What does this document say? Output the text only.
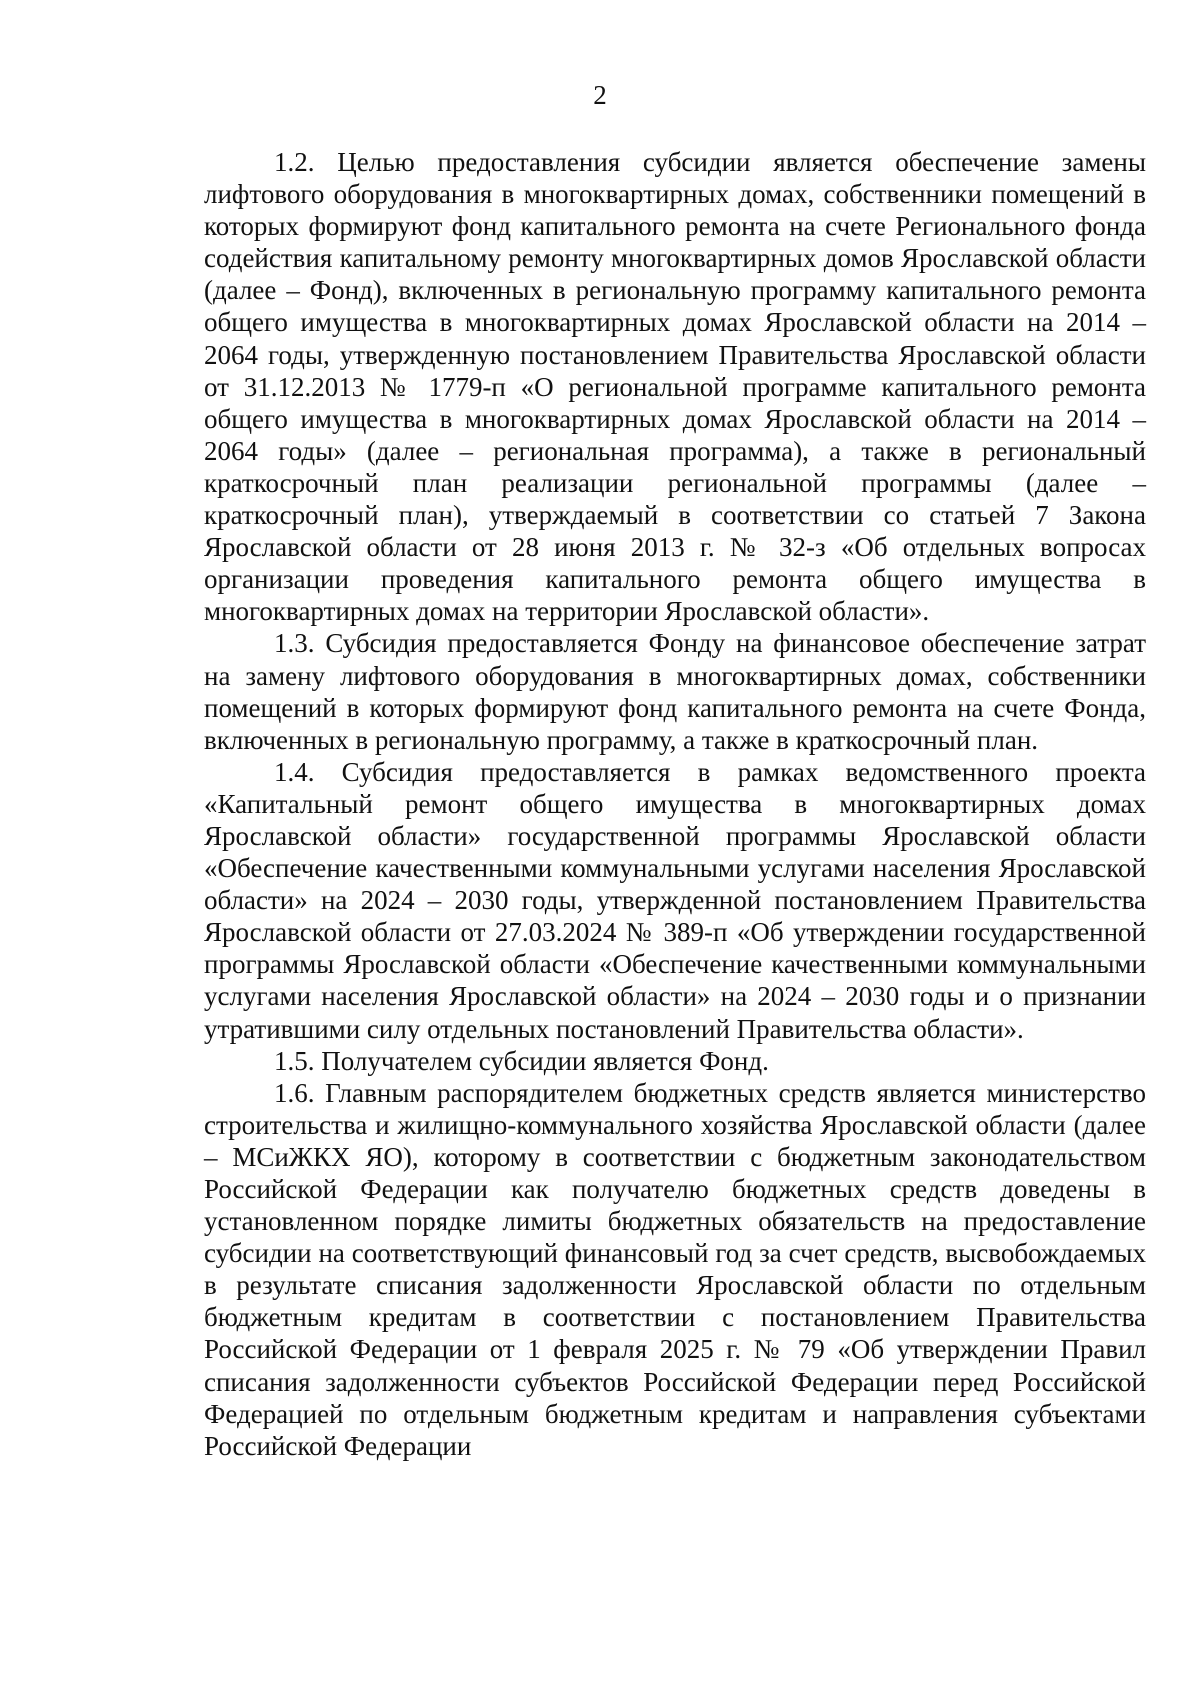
2

1.2. Целью предоставления субсидии является обеспечение замены лифтового оборудования в многоквартирных домах, собственники помещений в которых формируют фонд капитального ремонта на счете Регионального фонда содействия капитальному ремонту многоквартирных домов Ярославской области (далее – Фонд), включенных в региональную программу капитального ремонта общего имущества в многоквартирных домах Ярославской области на 2014 – 2064 годы, утвержденную постановлением Правительства Ярославской области от 31.12.2013 № 1779-п «О региональной программе капитального ремонта общего имущества в многоквартирных домах Ярославской области на 2014 – 2064 годы» (далее – региональная программа), а также в региональный краткосрочный план реализации региональной программы (далее – краткосрочный план), утверждаемый в соответствии со статьей 7 Закона Ярославской области от 28 июня 2013 г. № 32-з «Об отдельных вопросах организации проведения капитального ремонта общего имущества в многоквартирных домах на территории Ярославской области».

1.3. Субсидия предоставляется Фонду на финансовое обеспечение затрат на замену лифтового оборудования в многоквартирных домах, собственники помещений в которых формируют фонд капитального ремонта на счете Фонда, включенных в региональную программу, а также в краткосрочный план.

1.4. Субсидия предоставляется в рамках ведомственного проекта «Капитальный ремонт общего имущества в многоквартирных домах Ярославской области» государственной программы Ярославской области «Обеспечение качественными коммунальными услугами населения Ярославской области» на 2024 – 2030 годы, утвержденной постановлением Правительства Ярославской области от 27.03.2024 № 389-п «Об утверждении государственной программы Ярославской области «Обеспечение качественными коммунальными услугами населения Ярославской области» на 2024 – 2030 годы и о признании утратившими силу отдельных постановлений Правительства области».

1.5. Получателем субсидии является Фонд.

1.6. Главным распорядителем бюджетных средств является министерство строительства и жилищно-коммунального хозяйства Ярославской области (далее – МСиЖКХ ЯО), которому в соответствии с бюджетным законодательством Российской Федерации как получателю бюджетных средств доведены в установленном порядке лимиты бюджетных обязательств на предоставление субсидии на соответствующий финансовый год за счет средств, высвобождаемых в результате списания задолженности Ярославской области по отдельным бюджетным кредитам в соответствии с постановлением Правительства Российской Федерации от 1 февраля 2025 г. № 79 «Об утверждении Правил списания задолженности субъектов Российской Федерации перед Российской Федерацией по отдельным бюджетным кредитам и направления субъектами Российской Федерации
